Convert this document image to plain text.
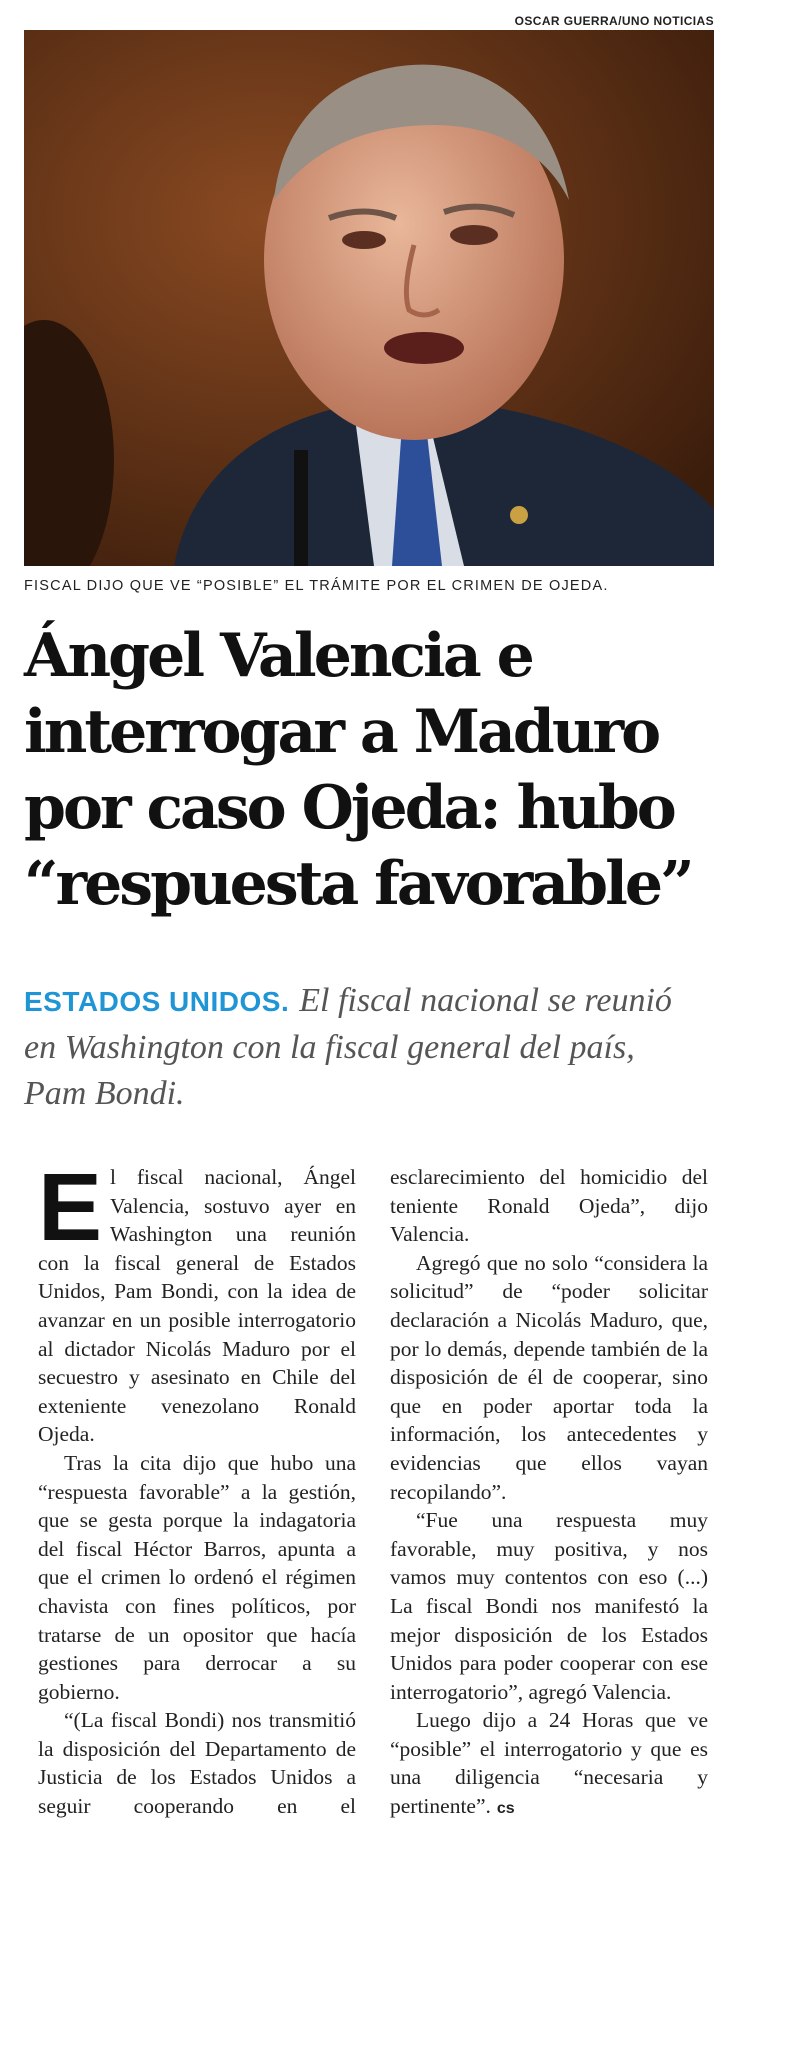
OSCAR GUERRA/UNO NOTICIAS
FISCAL DIJO QUE VE “POSIBLE” EL TRÁMITE POR EL CRIMEN DE OJEDA.
Ángel Valencia e
interrogar a Maduro
por caso Ojeda: hubo
“respuesta favorable”
ESTADOS UNIDOS. El fiscal nacional se reunió en Washington con la fiscal general del país, Pam Bondi.

El fiscal nacional, Ángel Valencia, sostuvo ayer en Washington una reunión con la fiscal general de Estados Unidos, Pam Bondi, con la idea de avanzar en un posible interrogatorio al dictador Nicolás Maduro por el secuestro y asesinato en Chile del exteniente venezolano Ronald Ojeda.

Tras la cita dijo que hubo una “respuesta favorable” a la gestión, que se gesta porque la indagatoria del fiscal Héctor Barros, apunta a que el crimen lo ordenó el régimen chavista con fines políticos, por tratarse de un opositor que hacía gestiones para derrocar a su gobierno.

“(La fiscal Bondi) nos transmitió la disposición del Departamento de Justicia de los Estados Unidos a seguir cooperando en el esclarecimiento del homicidio del teniente Ronald Ojeda”, dijo Valencia.

Agregó que no solo “considera la solicitud” de “poder solicitar declaración a Nicolás Maduro, que, por lo demás, depende también de la disposición de él de cooperar, sino que en poder aportar toda la información, los antecedentes y evidencias que ellos vayan recopilando”.

“Fue una respuesta muy favorable, muy positiva, y nos vamos muy contentos con eso (...) La fiscal Bondi nos manifestó la mejor disposición de los Estados Unidos para poder cooperar con ese interrogatorio”, agregó Valencia.

Luego dijo a 24 Horas que ve “posible” el interrogatorio y que es una diligencia “necesaria y pertinente”. cs
